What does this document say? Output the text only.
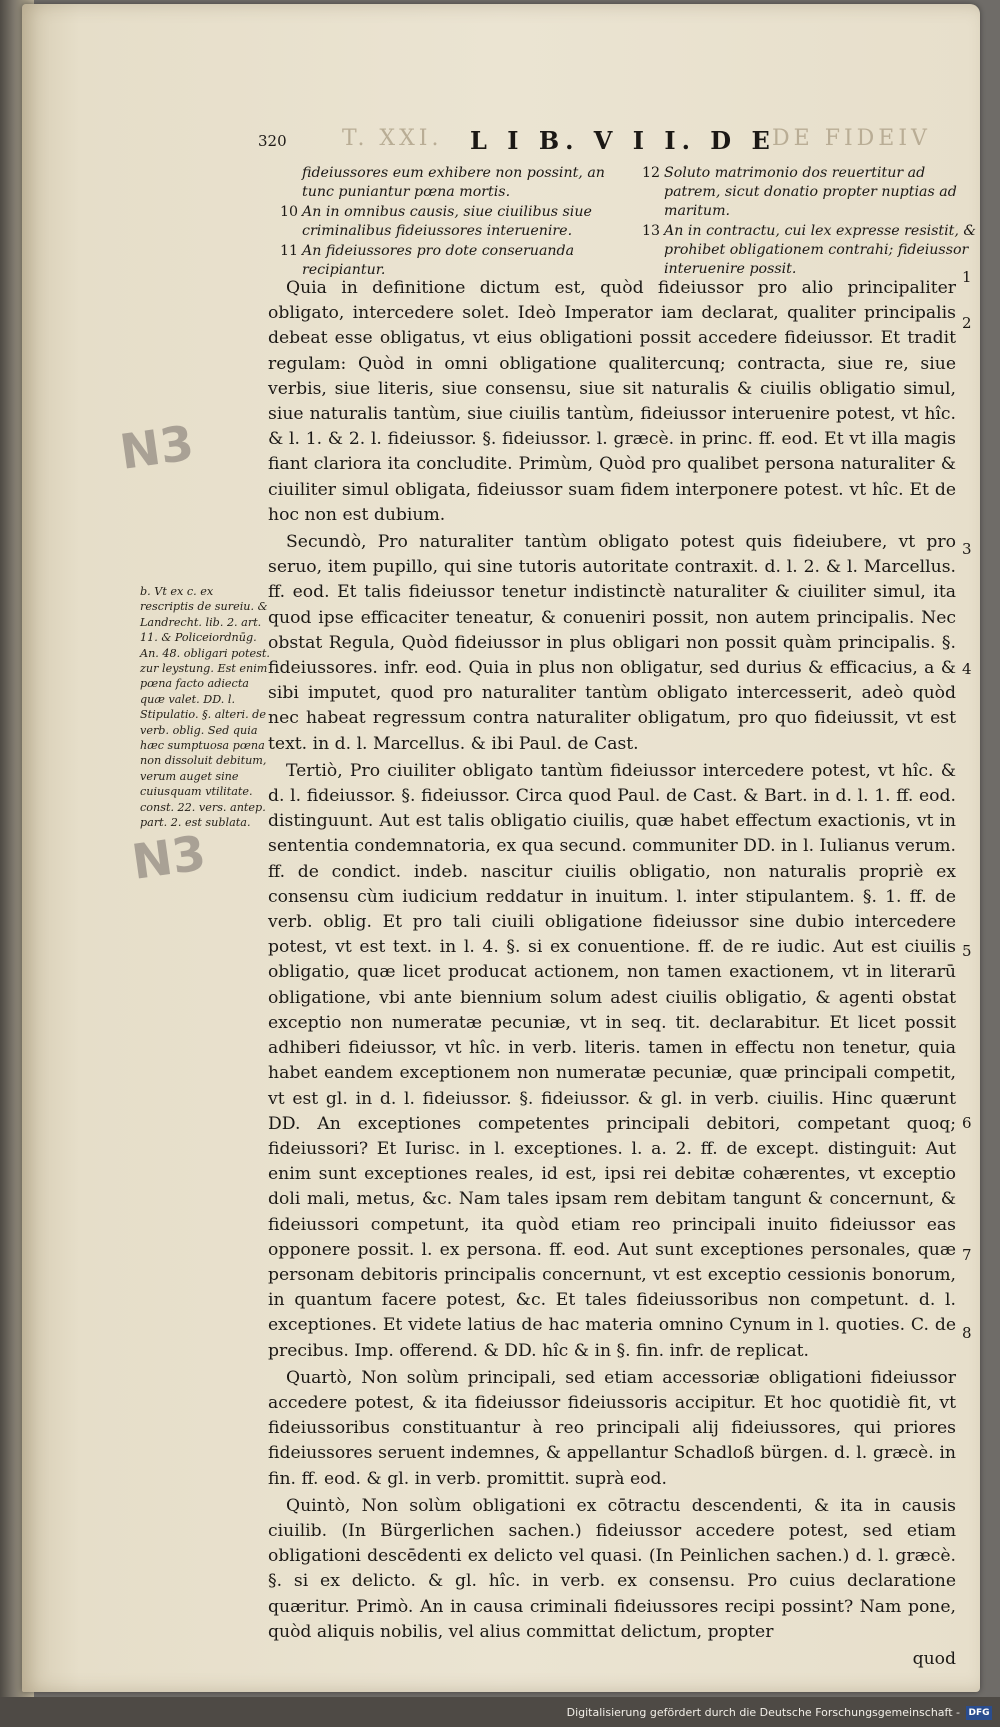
320	T. XXI. L I B. V I I. D E
DE FIDEIV
fideiussores eum exhibere non possint, an tunc puniantur pœna mortis.
10 An in omnibus causis, siue ciuilibus siue criminalibus fideiussores interuenire.
11 An fideiussores pro dote conseruanda recipiantur.
12 Soluto matrimonio dos reuertitur ad patrem, sicut donatio propter nuptias ad maritum.
13 An in contractu, cui lex expresse resistit, & prohibet obligationem contrahi; fideiussor interuenire possit.

Quia in definitione dictum est, quòd fideiussor pro alio principaliter obligato, intercedere solet. Ideò Imperator iam declarat, qualiter principalis debeat esse obligatus, vt eius obligationi possit accedere fideiussor. Et tradit regulam: Quòd in omni obligatione qualitercunq; contracta, siue re, siue verbis, siue literis, siue consensu, siue sit naturalis & ciuilis obligatio simul, siue naturalis tantùm, siue ciuilis tantùm, fideiussor interuenire potest, vt hîc. & l. 1. & 2. l. fideiussor. §. fideiussor. l. græcè. in princ. ff. eod. Et vt illa magis fiant clariora ita concludite. Primùm, Quòd pro qualibet persona naturaliter & ciuiliter simul obligata, fideiussor suam fidem interponere potest. vt hîc. Et de hoc non est dubium.

Secundò, Pro naturaliter tantùm obligato potest quis fideiubere, vt pro seruo, item pupillo, qui sine tutoris autoritate contraxit. d. l. 2. & l. Marcellus. ff. eod. Et talis fideiussor tenetur indistinctè naturaliter & ciuiliter simul, ita quod ipse efficaciter teneatur, & conueniri possit, non autem principalis. Nec obstat Regula, Quòd fideiussor in plus obligari non possit quàm principalis. §. fideiussores. infr. eod. Quia in plus non obligatur, sed durius & efficacius, a & sibi imputet, quod pro naturaliter tantùm obligato intercesserit, adeò quòd nec habeat regressum contra naturaliter obligatum, pro quo fideiussit, vt est text. in d. l. Marcellus. & ibi Paul. de Cast.

Tertiò, Pro ciuiliter obligato tantùm fideiussor intercedere potest, vt hîc. & d. l. fideiussor. §. fideiussor. Circa quod Paul. de Cast. & Bart. in d. l. 1. ff. eod. distinguunt. Aut est talis obligatio ciuilis, quæ habet effectum exactionis, vt in sententia condemnatoria, ex qua secund. communiter DD. in l. Iulianus verum. ff. de condict. indeb. nascitur ciuilis obligatio, non naturalis propriè ex consensu cùm iudicium reddatur in inuitum. l. inter stipulantem. §. 1. ff. de verb. oblig. Et pro tali ciuili obligatione fideiussor sine dubio intercedere potest, vt est text. in l. 4. §. si ex conuentione. ff. de re iudic. Aut est ciuilis obligatio, quæ licet producat actionem, non tamen exactionem, vt in literarū obligatione, vbi ante biennium solum adest ciuilis obligatio, & agenti obstat exceptio non numeratæ pecuniæ, vt in seq. tit. declarabitur. Et licet possit adhiberi fideiussor, vt hîc. in verb. literis. tamen in effectu non tenetur, quia habet eandem exceptionem non numeratæ pecuniæ, quæ principali competit, vt est gl. in d. l. fideiussor. §. fideiussor. & gl. in verb. ciuilis. Hinc quærunt DD. An exceptiones competentes principali debitori, competant quoq; fideiussori? Et Iurisc. in l. exceptiones. l. a. 2. ff. de except. distinguit: Aut enim sunt exceptiones reales, id est, ipsi rei debitæ cohærentes, vt exceptio doli mali, metus, &c. Nam tales ipsam rem debitam tangunt & concernunt, & fideiussori competunt, ita quòd etiam reo principali inuito fideiussor eas opponere possit. l. ex persona. ff. eod. Aut sunt exceptiones personales, quæ personam debitoris principalis concernunt, vt est exceptio cessionis bonorum, in quantum facere potest, &c. Et tales fideiussoribus non competunt. d. l. exceptiones. Et videte latius de hac materia omnino Cynum in l. quoties. C. de precibus. Imp. offerend. & DD. hîc & in §. fin. infr. de replicat.

Quartò, Non solùm principali, sed etiam accessoriæ obligationi fideiussor accedere potest, & ita fideiussor fideiussoris accipitur. Et hoc quotidiè fit, vt fideiussoribus constituantur à reo principali alij fideiussores, qui priores fideiussores seruent indemnes, & appellantur Schadloß bürgen. d. l. græcè. in fin. ff. eod. & gl. in verb. promittit. suprà eod.

Quintò, Non solùm obligationi ex cōtractu descendenti, & ita in causis ciuilib. (In Bürgerlichen sachen.) fideiussor accedere potest, sed etiam obligationi descēdenti ex delicto vel quasi. (In Peinlichen sachen.) d. l. græcè. §. si ex delicto. & gl. hîc. in verb. ex consensu. Pro cuius declaratione quæritur. Primò. An in causa criminali fideiussores recipi possint? Nam pone, quòd aliquis nobilis, vel alius committat delictum, propter

quod

1
2
3
4
5
6
7
8
b. Vt ex c. ex rescriptis de sureiu. & Landrecht. lib. 2. art. 11. & Policeiordnūg. An. 48. obligari potest. zur leystung. Est enim pœna facto adiecta quæ valet. DD. l. Stipulatio. §. alteri. de verb. oblig. Sed quia hæc sumptuosa pœna non dissoluit debitum, verum auget sine cuiusquam vtilitate. const. 22. vers. antep. part. 2. est sublata.
N3
N3
Digitalisierung gefördert durch die Deutsche Forschungsgemeinschaft - DFG
